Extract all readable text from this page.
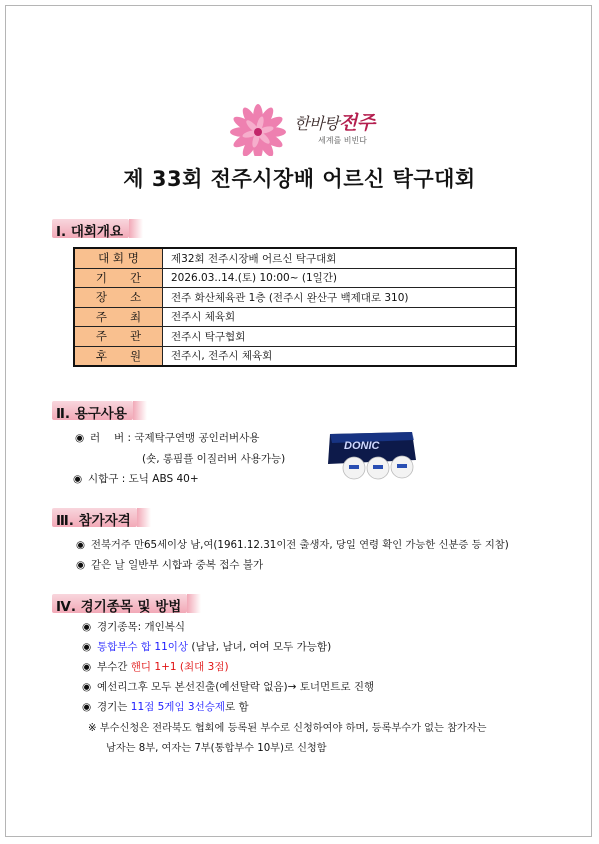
한바탕전주
세계를 비빈다
제 33회 전주시장배 어르신 탁구대회
Ⅰ. 대회개요
대 회 명	제32회 전주시장배 어르신 탁구대회
기　　간	2026.03..14.(토) 10:00~ (1일간)
장　　소	전주 화산체육관 1층 (전주시 완산구 백제대로 310)
주　　최	전주시 체육회
주　　관	전주시 탁구협회
후　　원	전주시, 전주시 체육회
Ⅱ. 용구사용
◉ 러　 버 : 국제탁구연맹 공인러버사용
(숏, 롱핌플 이질러버 사용가능)
◉ 시합구 : 도닉 ABS 40+
DONIC
Ⅲ. 참가자격
◉ 전북거주 만65세이상 남,여(1961.12.31이전 출생자, 당일 연령 확인 가능한 신분증 등 지참)
◉ 같은 날 일반부 시합과 중복 접수 불가
Ⅳ. 경기종목 및 방법
◉ 경기종목: 개인복식
◉ 통합부수 합 11이상 (남남, 남녀, 여여 모두 가능함)
◉ 부수간 핸디 1+1 (최대 3점)
◉ 예선리그후 모두 본선진출(예선탈락 없음)→ 토너먼트로 진행
◉ 경기는 11점 5게임 3선승제로 함
※ 부수신청은 전라북도 협회에 등록된 부수로 신청하여야 하며, 등록부수가 없는 참가자는
남자는 8부, 여자는 7부(통합부수 10부)로 신청함
